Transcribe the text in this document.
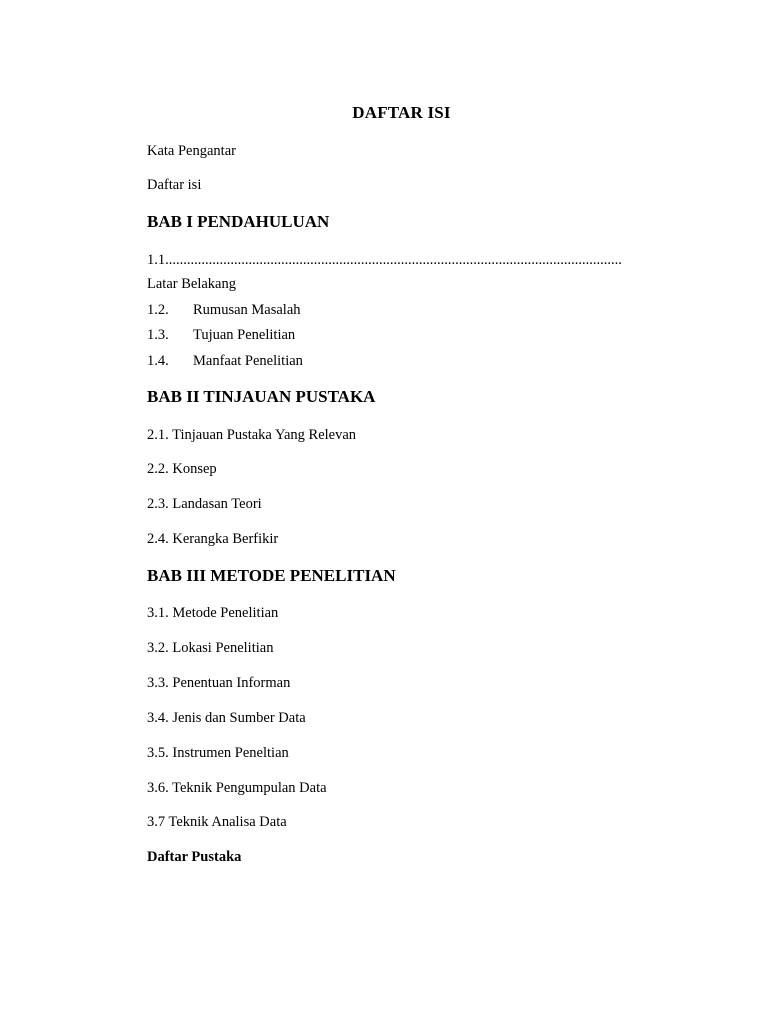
DAFTAR ISI
Kata Pengantar
Daftar isi
BAB I PENDAHULUAN
1.1..............................................................................................................................
Latar Belakang
1.2. Rumusan Masalah
1.3. Tujuan Penelitian
1.4. Manfaat Penelitian
BAB II TINJAUAN PUSTAKA
2.1. Tinjauan Pustaka Yang Relevan
2.2. Konsep
2.3. Landasan Teori
2.4. Kerangka Berfikir
BAB III METODE PENELITIAN
3.1. Metode Penelitian
3.2. Lokasi Penelitian
3.3. Penentuan Informan
3.4. Jenis dan Sumber Data
3.5. Instrumen Peneltian
3.6. Teknik Pengumpulan Data
3.7 Teknik Analisa Data
Daftar Pustaka
